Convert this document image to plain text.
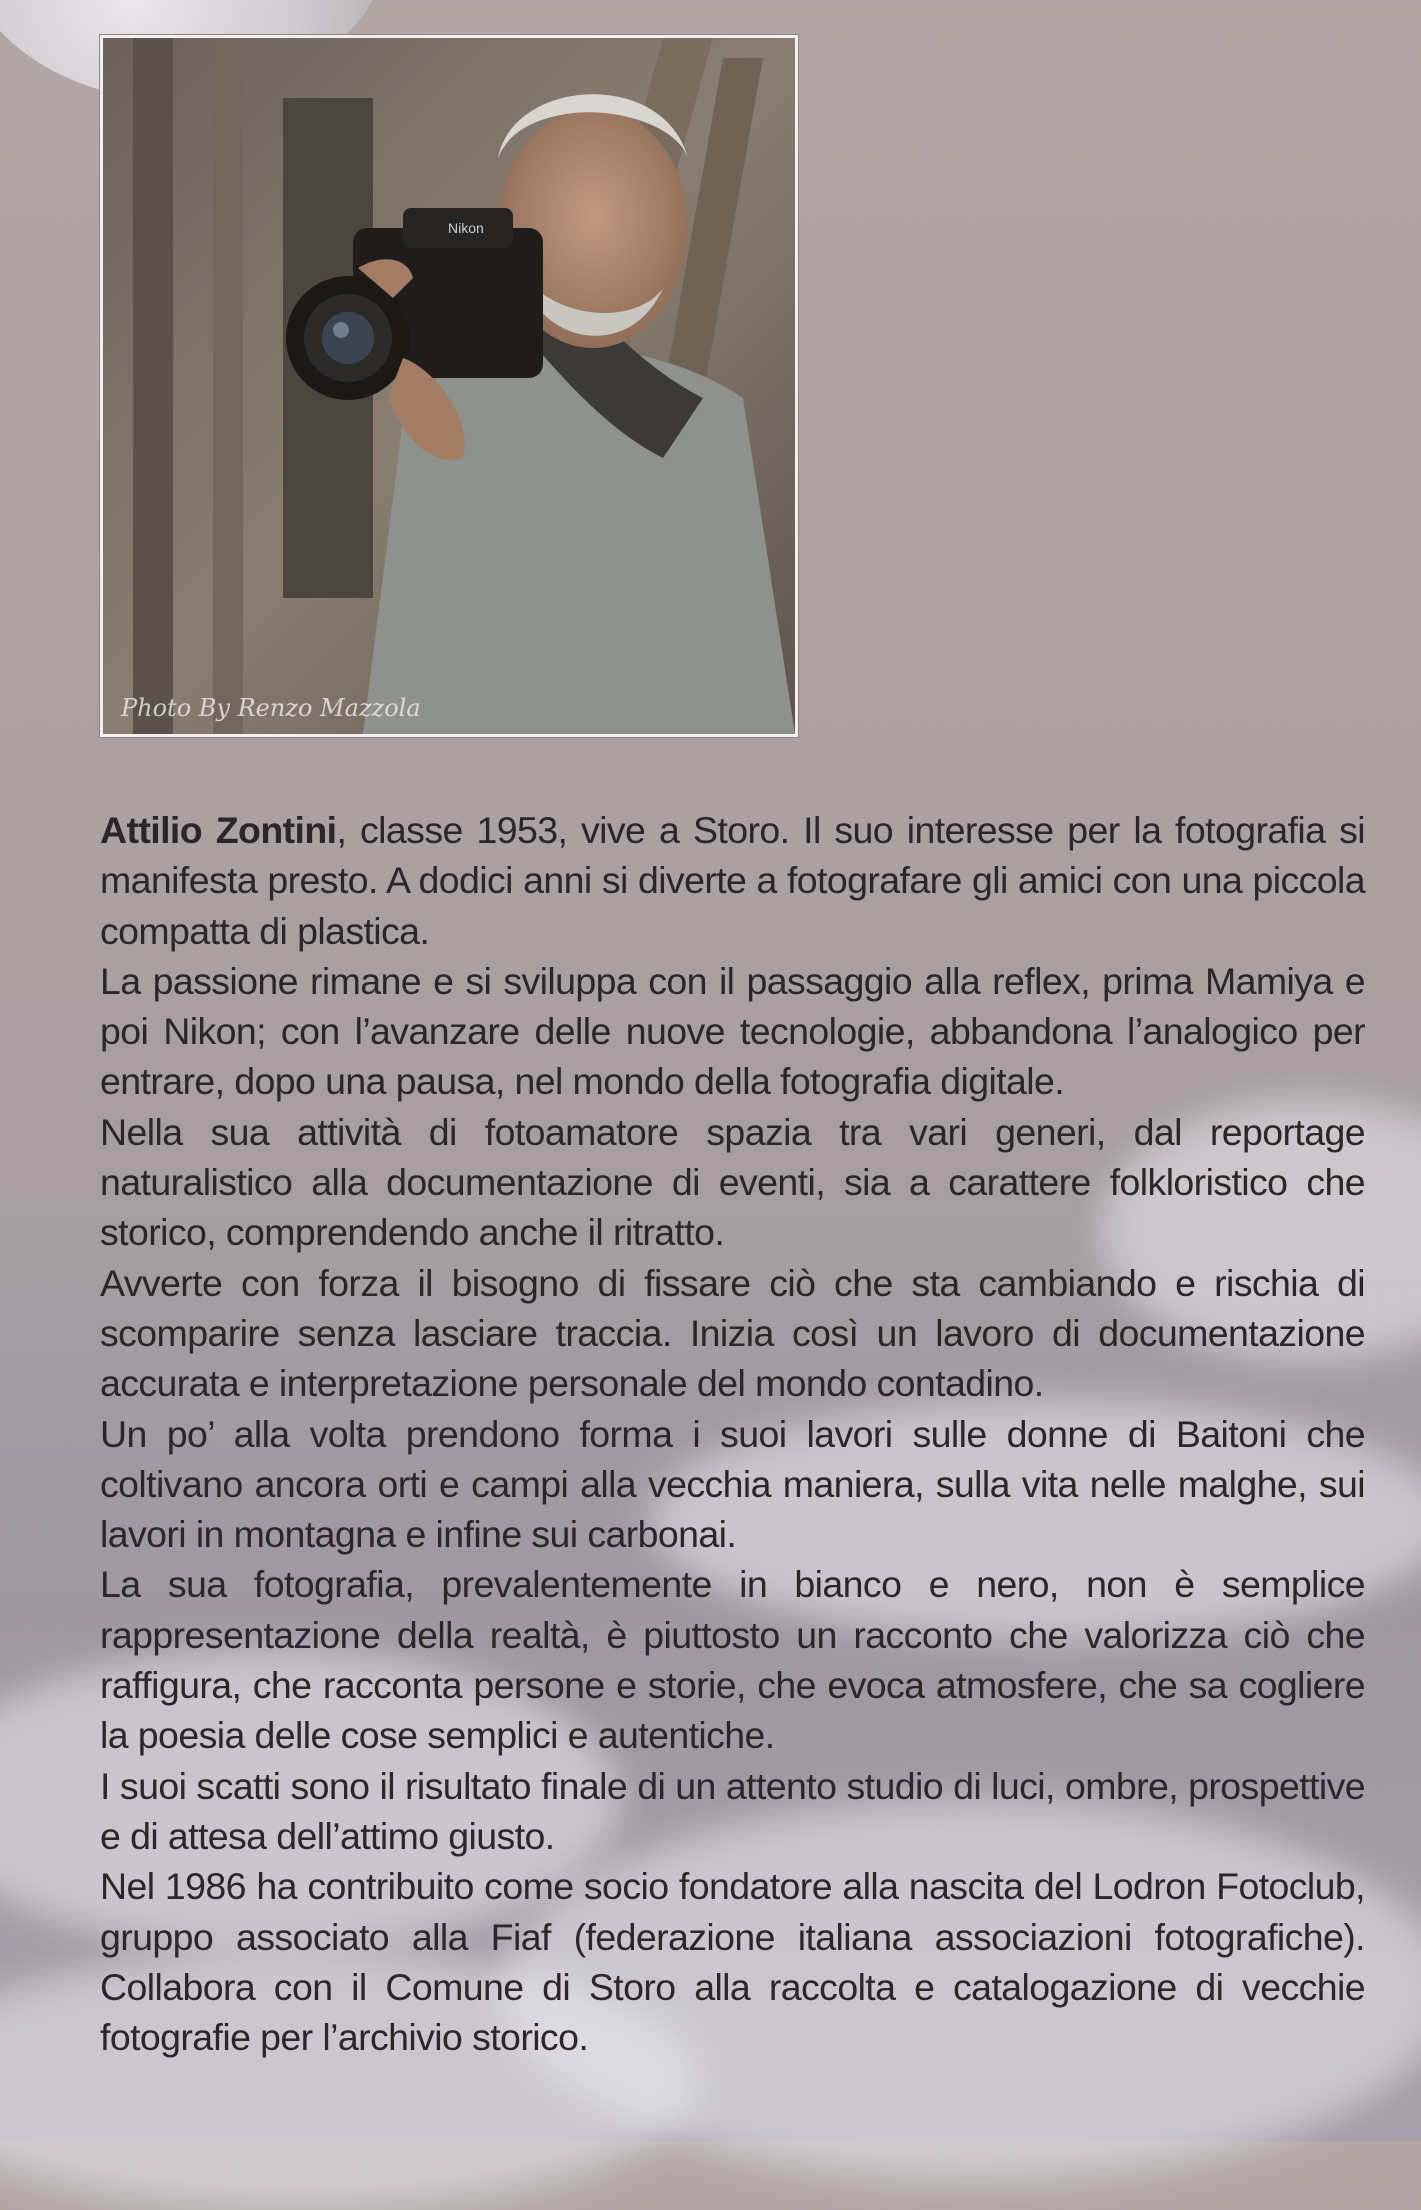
Nikon
Photo By Renzo Mazzola

Attilio Zontini, classe 1953, vive a Storo. Il suo interesse per la fotografia si manifesta presto. A dodici anni si diverte a fotografare gli amici con una piccola compatta di plastica.

La passione rimane e si sviluppa con il passaggio alla reflex, prima Mamiya e poi Nikon; con l’avanzare delle nuove tecnologie, abbandona l’analogico per entrare, dopo una pausa, nel mondo della fotografia digitale.

Nella sua attività di fotoamatore spazia tra vari generi, dal reportage naturalistico alla documentazione di eventi, sia a carattere folkloristico che storico, comprendendo anche il ritratto.

Avverte con forza il bisogno di fissare ciò che sta cambiando e rischia di scomparire senza lasciare traccia. Inizia così un lavoro di documentazione accurata e interpretazione personale del mondo contadino.

Un po’ alla volta prendono forma i suoi lavori sulle donne di Baitoni che coltivano ancora orti e campi alla vecchia maniera, sulla vita nelle malghe, sui lavori in montagna e infine sui carbonai.

La sua fotografia, prevalentemente in bianco e nero, non è semplice rappresentazione della realtà, è piuttosto un racconto che valorizza ciò che raffigura, che racconta persone e storie, che evoca atmosfere, che sa cogliere la poesia delle cose semplici e autentiche.

I suoi scatti sono il risultato finale di un attento studio di luci, ombre, prospettive e di attesa dell’attimo giusto.

Nel 1986 ha contribuito come socio fondatore alla nascita del Lodron Fotoclub, gruppo associato alla Fiaf (federazione italiana associazioni fotografiche). Collabora con il Comune di Storo alla raccolta e catalogazione di vecchie fotografie per l’archivio storico.
